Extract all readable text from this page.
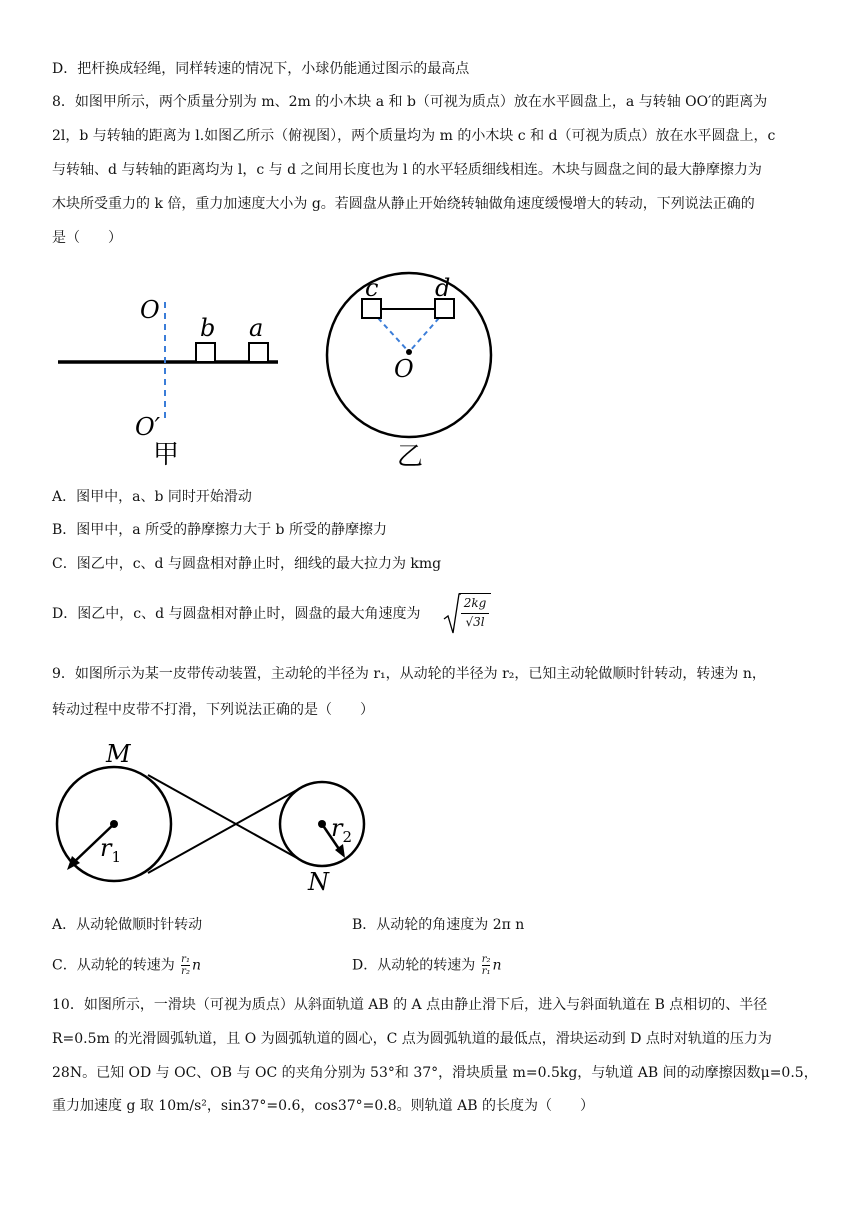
D．把杆换成轻绳，同样转速的情况下，小球仍能通过图示的最高点
8．如图甲所示，两个质量分别为 m、2m 的小木块 a 和 b（可视为质点）放在水平圆盘上，a 与转轴 OO′的距离为
2l，b 与转轴的距离为 l.如图乙所示（俯视图），两个质量均为 m 的小木块 c 和 d（可视为质点）放在水平圆盘上，c
与转轴、d 与转轴的距离均为 l，c 与 d 之间用长度也为 l 的水平轻质细线相连。木块与圆盘之间的最大静摩擦力为
木块所受重力的 k 倍，重力加速度大小为 g。若圆盘从静止开始绕转轴做角速度缓慢增大的转动，下列说法正确的
是（　　）
O
O′
b a
甲
c d
O
乙
A．图甲中，a、b 同时开始滑动
B．图甲中，a 所受的静摩擦力大于 b 所受的静摩擦力
C．图乙中，c、d 与圆盘相对静止时，细线的最大拉力为 kmg
D．图乙中，c、d 与圆盘相对静止时，圆盘的最大角速度为
2kg
√3l
9．如图所示为某一皮带传动装置，主动轮的半径为 r₁，从动轮的半径为 r₂，已知主动轮做顺时针转动，转速为 n，
转动过程中皮带不打滑，下列说法正确的是（　　）
M
N
$r_1$
$r_2$
A．从动轮做顺时针转动	B．从动轮的角速度为 2π n
C．从动轮的转速为 $\frac{\text{r₁}}{\text{r₂}}$ n	D．从动轮的转速为 $\frac{\text{r₂}}{\text{r₁}}$ n
10．如图所示，一滑块（可视为质点）从斜面轨道 AB 的 A 点由静止滑下后，进入与斜面轨道在 B 点相切的、半径
R=0.5m 的光滑圆弧轨道，且 O 为圆弧轨道的圆心，C 点为圆弧轨道的最低点，滑块运动到 D 点时对轨道的压力为
28N。已知 OD 与 OC、OB 与 OC 的夹角分别为 53°和 37°，滑块质量 m=0.5kg，与轨道 AB 间的动摩擦因数μ=0.5，
重力加速度 g 取 10m/s²，sin37°=0.6，cos37°=0.8。则轨道 AB 的长度为（　　）
